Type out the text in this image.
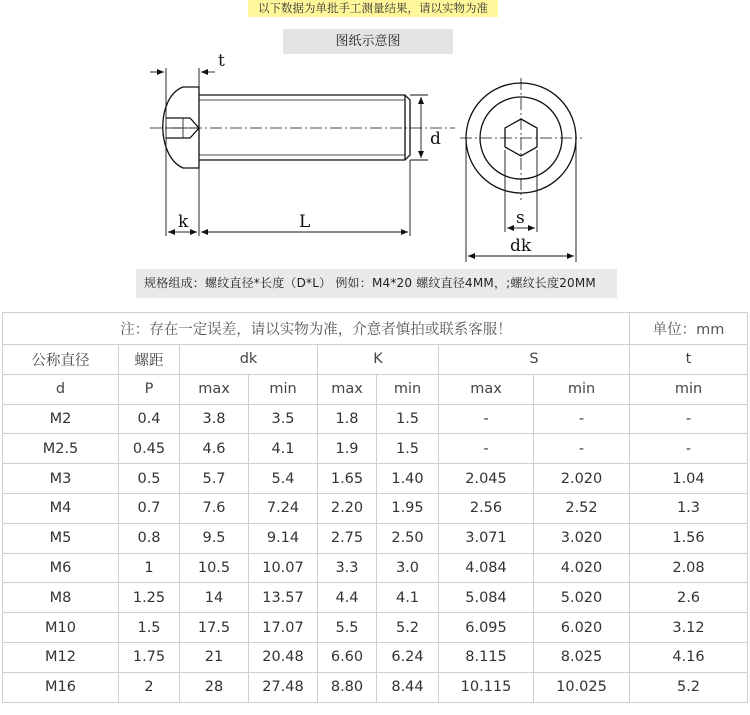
以下数据为单批手工测量结果，请以实物为准
图纸示意图
t
d
k	L	s
dk
规格组成：螺纹直径*长度（D*L） 例如：M4*20 螺纹直径4MM，;螺纹长度20MM
注：存在一定误差，请以实物为准，介意者慎拍或联系客服！								单位：mm
公称直径	螺距	dk		K		S		t
d	P	max	min	max	min	max	min	min
M2	0.4	3.8	3.5	1.8	1.5	-	-	-
M2.5	0.45	4.6	4.1	1.9	1.5	-	-	-
M3	0.5	5.7	5.4	1.65	1.40	2.045	2.020	1.04
M4	0.7	7.6	7.24	2.20	1.95	2.56	2.52	1.3
M5	0.8	9.5	9.14	2.75	2.50	3.071	3.020	1.56
M6	1	10.5	10.07	3.3	3.0	4.084	4.020	2.08
M8	1.25	14	13.57	4.4	4.1	5.084	5.020	2.6
M10	1.5	17.5	17.07	5.5	5.2	6.095	6.020	3.12
M12	1.75	21	20.48	6.60	6.24	8.115	8.025	4.16
M16	2	28	27.48	8.80	8.44	10.115	10.025	5.2
